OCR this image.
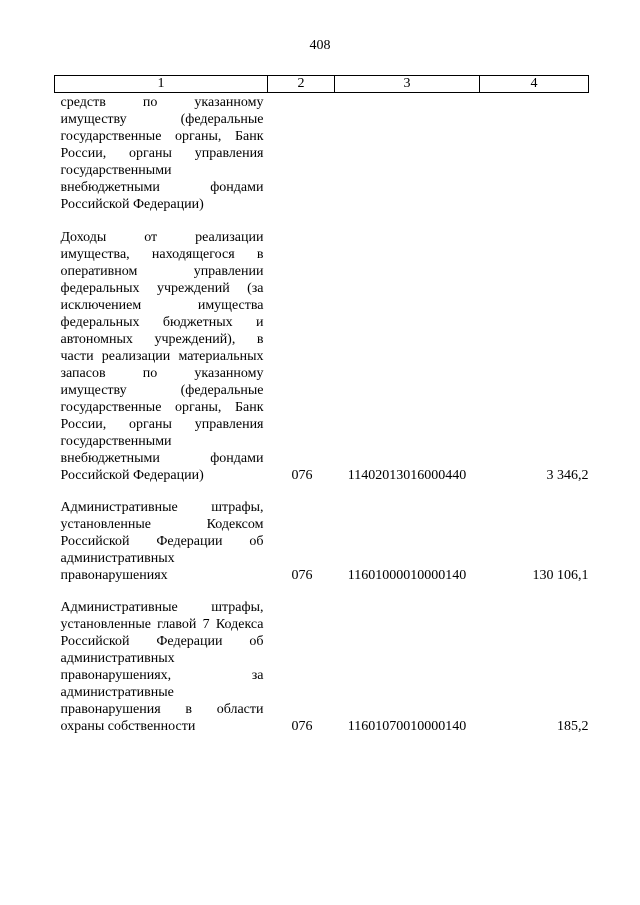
408
1	2	3	4
средств по указанному имуществу (федеральные государственные органы, Банк России, органы управления государственными внебюджетными фондами Российской Федерации)			
Доходы от реализации имущества, находящегося в оперативном управлении федеральных учреждений (за исключением имущества федеральных бюджетных и автономных учреждений), в части реализации материальных запасов по указанному имуществу (федеральные государственные органы, Банк России, органы управления государственными внебюджетными фондами Российской Федерации)	076	11402013016000440	3 346,2
Административные штрафы, установленные Кодексом Российской Федерации об административных правонарушениях	076	11601000010000140	130 106,1
Административные штрафы, установленные главой 7 Кодекса Российской Федерации об административных правонарушениях, за административные правонарушения в области охраны собственности	076	11601070010000140	185,2
